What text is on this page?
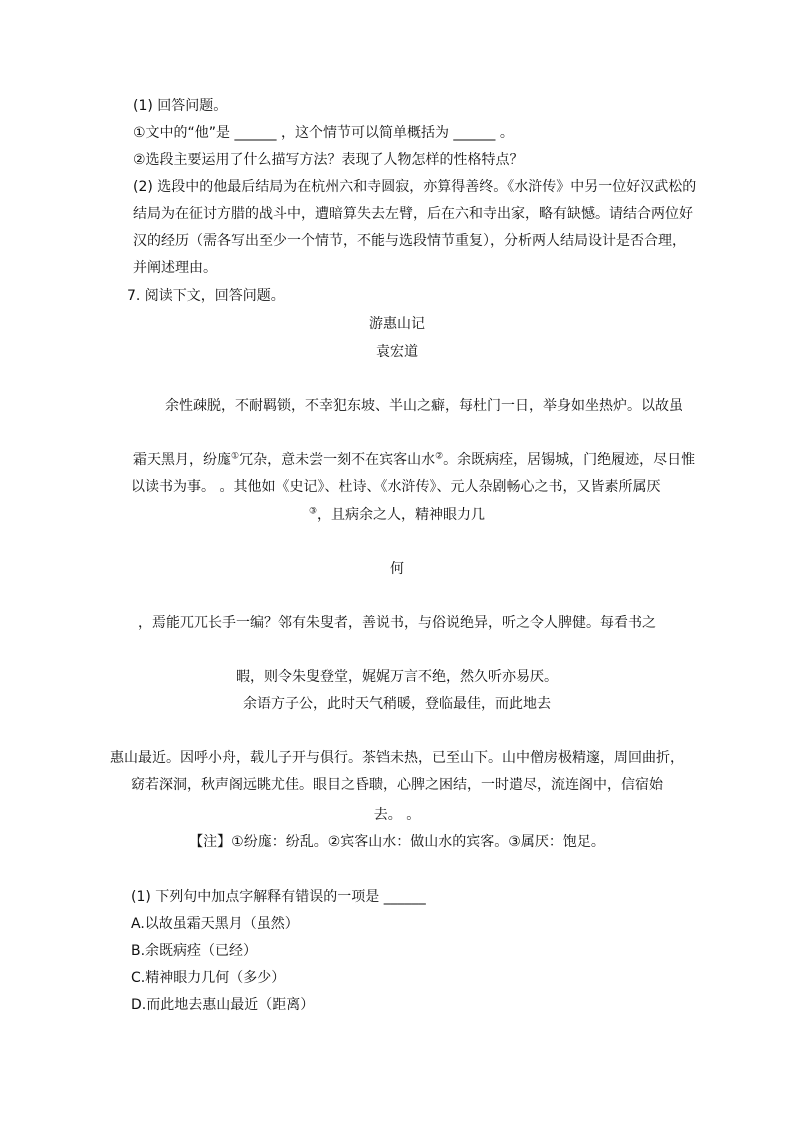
(1) 回答问题。
①文中的“他”是 ______ ，这个情节可以简单概括为 ______ 。
②选段主要运用了什么描写方法？表现了人物怎样的性格特点？
(2) 选段中的他最后结局为在杭州六和寺圆寂，亦算得善终。《水浒传》中另一位好汉武松的
结局为在征讨方腊的战斗中，遭暗算失去左臂，后在六和寺出家，略有缺憾。请结合两位好
汉的经历（需各写出至少一个情节，不能与选段情节重复），分析两人结局设计是否合理，
并阐述理由。
7. 阅读下文，回答问题。
游惠山记
袁宏道
余性疎脱，不耐羁锁，不幸犯东坡、半山之癖，每杜门一日，举身如坐热炉。以故虽
霜天黑月，纷庬①冗杂，意未尝一刻不在宾客山水②。余既病痊，居锡城，门绝履迹，尽日惟
以读书为事。 。其他如《史记》、杜诗、《水浒传》、元人杂剧畅心之书，又皆素所属厌
③，且病余之人，精神眼力几
何
，焉能兀兀长手一编？邻有朱叟者，善说书，与俗说绝异，听之令人脾健。每看书之
暇，则令朱叟登堂，娓娓万言不绝，然久听亦易厌。
余语方子公，此时天气稍暖，登临最佳，而此地去
惠山最近。因呼小舟，载儿子开与俱行。茶铛未热，已至山下。山中僧房极精邃，周回曲折，
窈若深洞，秋声阁远眺尤佳。眼目之昏聩，心脾之困结，一时遣尽，流连阁中，信宿始
去。 。
【注】①纷庬：纷乱。②宾客山水：做山水的宾客。③属厌：饱足。
(1) 下列句中加点字解释有错误的一项是 ______
A.以故虽霜天黑月（虽然）
B.余既病痊（已经）
C.精神眼力几何（多少）
D.而此地去惠山最近（距离）
